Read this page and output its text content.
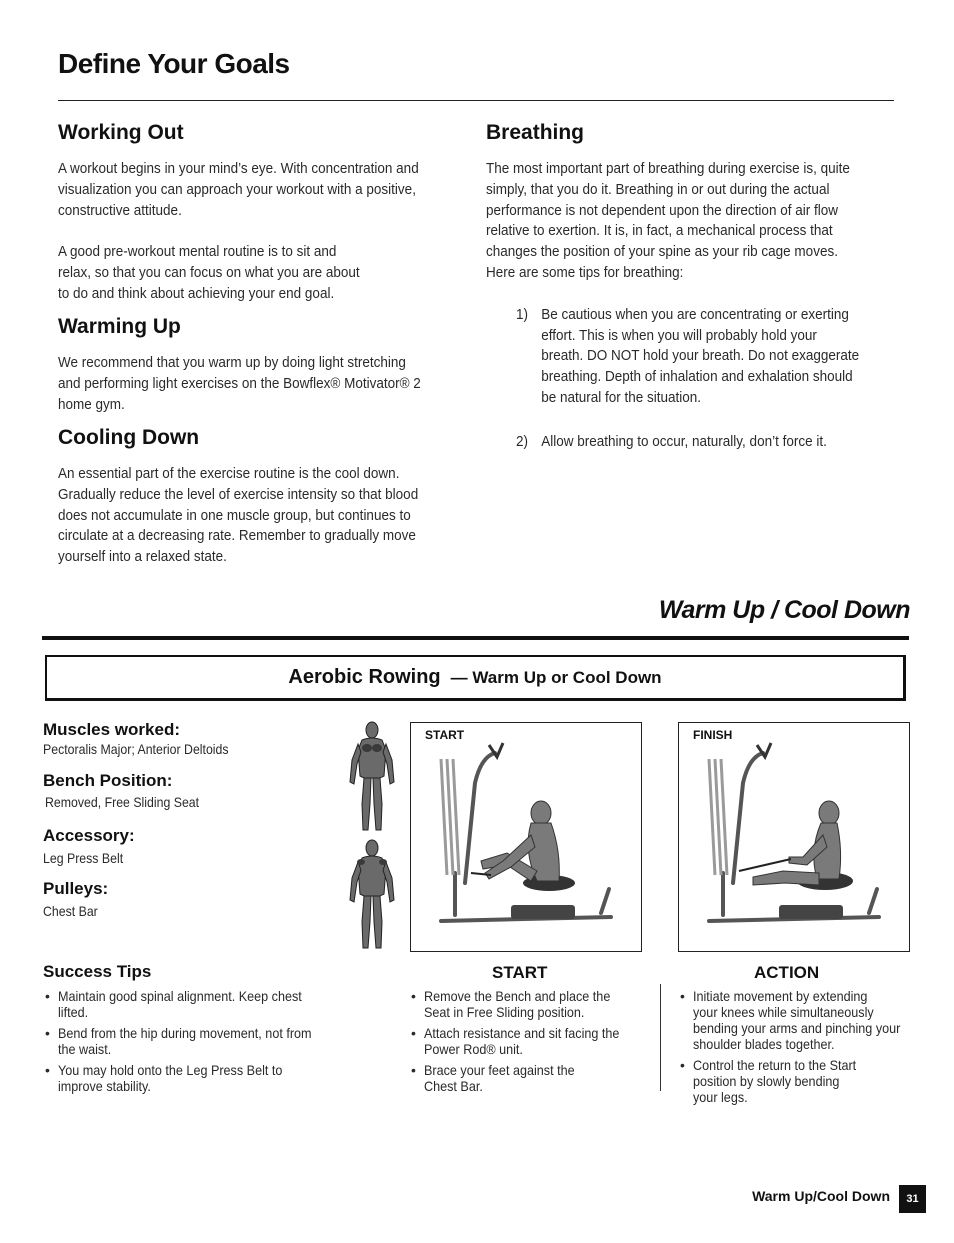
Define Your Goals
Working Out

A workout begins in your mind’s eye. With concentration and
visualization you can approach your workout with a positive,
constructive attitude.

A good pre-workout mental routine is to sit and
relax, so that you can focus on what you are about
to do and think about achieving your end goal.

Warming Up

We recommend that you warm up by doing light stretching
and performing light exercises on the Bowflex® Motivator® 2
home gym.

Cooling Down

An essential part of the exercise routine is the cool down.
Gradually reduce the level of exercise intensity so that blood
does not accumulate in one muscle group, but continues to
circulate at a decreasing rate. Remember to gradually move
yourself into a relaxed state.

Breathing

The most important part of breathing during exercise is, quite
simply, that you do it. Breathing in or out during the actual
performance is not dependent upon the direction of air flow
relative to exertion. It is, in fact, a mechanical process that
changes the position of your spine as your rib cage moves.
Here are some tips for breathing:

1) Be cautious when you are concentrating or exerting
effort. This is when you will probably hold your
breath. DO NOT hold your breath. Do not exaggerate
breathing. Depth of inhalation and exhalation should
be natural for the situation.
2) Allow breathing to occur, naturally, don’t force it.
Warm Up / Cool Down
Aerobic Rowing — Warm Up or Cool Down

Muscles worked:

Pectoralis Major; Anterior Deltoids

Bench Position:

Removed, Free Sliding Seat

Accessory:

Leg Press Belt

Pulleys:

Chest Bar

START	FINISH

Success Tips

• Maintain good spinal alignment. Keep chest
lifted.
• Bend from the hip during movement, not from
the waist.
• You may hold onto the Leg Press Belt to
improve stability.

START

• Remove the Bench and place the
Seat in Free Sliding position.
• Attach resistance and sit facing the
Power Rod® unit.
• Brace your feet against the
Chest Bar.

ACTION

• Initiate movement by extending
your knees while simultaneously
bending your arms and pinching your
shoulder blades together.
• Control the return to the Start
position by slowly bending
your legs.

Warm Up/Cool Down	31
